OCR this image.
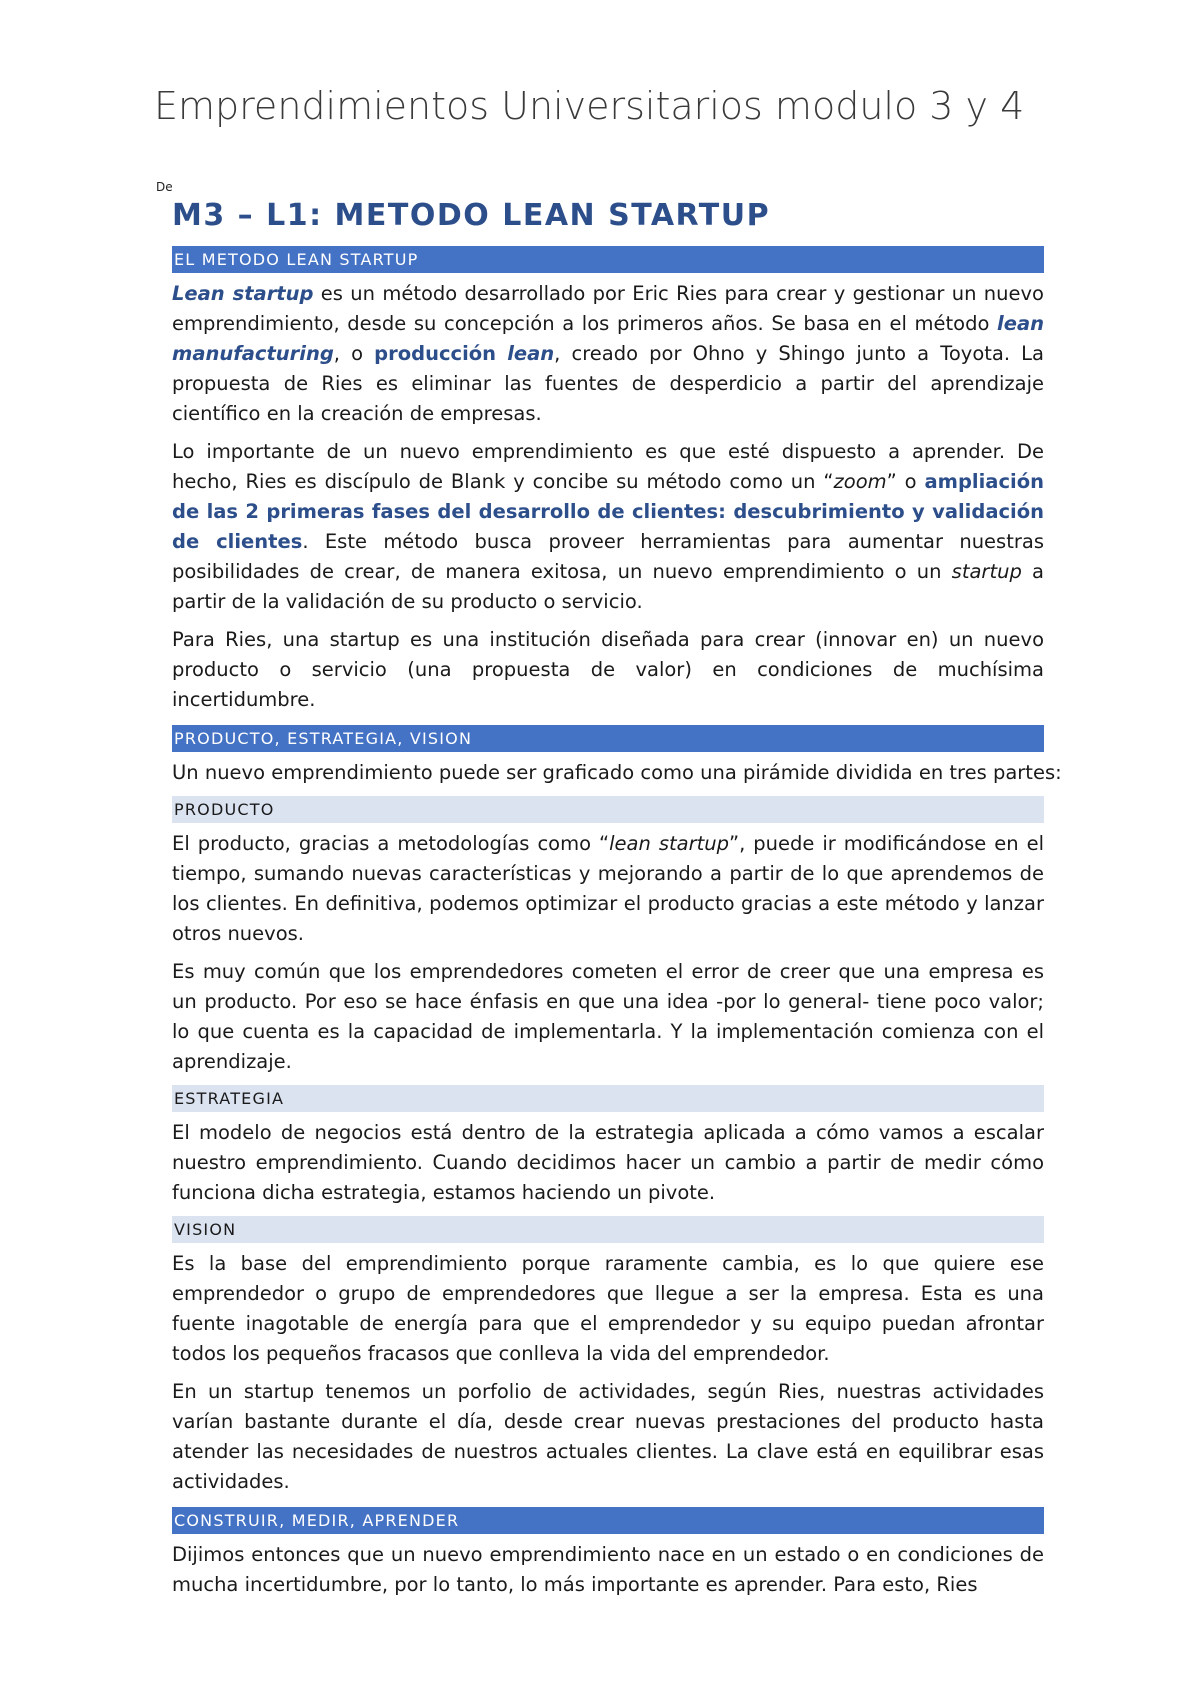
Emprendimientos Universitarios modulo 3 y 4

De

M3 – L1: METODO LEAN STARTUP
EL METODO LEAN STARTUP

Lean startup es un método desarrollado por Eric Ries para crear y gestionar un nuevo emprendimiento, desde su concepción a los primeros años. Se basa en el método lean manufacturing, o producción lean, creado por Ohno y Shingo junto a Toyota. La propuesta de Ries es eliminar las fuentes de desperdicio a partir del aprendizaje científico en la creación de empresas.

Lo importante de un nuevo emprendimiento es que esté dispuesto a aprender. De hecho, Ries es discípulo de Blank y concibe su método como un “zoom” o ampliación de las 2 primeras fases del desarrollo de clientes: descubrimiento y validación de clientes. Este método busca proveer herramientas para aumentar nuestras posibilidades de crear, de manera exitosa, un nuevo emprendimiento o un startup a partir de la validación de su producto o servicio.

Para Ries, una startup es una institución diseñada para crear (innovar en) un nuevo producto o servicio (una propuesta de valor) en condiciones de muchísima incertidumbre.

PRODUCTO, ESTRATEGIA, VISION

Un nuevo emprendimiento puede ser graficado como una pirámide dividida en tres partes:

PRODUCTO

El producto, gracias a metodologías como “lean startup”, puede ir modificándose en el tiempo, sumando nuevas características y mejorando a partir de lo que aprendemos de los clientes. En definitiva, podemos optimizar el producto gracias a este método y lanzar otros nuevos.

Es muy común que los emprendedores cometen el error de creer que una empresa es un producto. Por eso se hace énfasis en que una idea -por lo general- tiene poco valor; lo que cuenta es la capacidad de implementarla. Y la implementación comienza con el aprendizaje.

ESTRATEGIA

El modelo de negocios está dentro de la estrategia aplicada a cómo vamos a escalar nuestro emprendimiento. Cuando decidimos hacer un cambio a partir de medir cómo funciona dicha estrategia, estamos haciendo un pivote.

VISION

Es la base del emprendimiento porque raramente cambia, es lo que quiere ese emprendedor o grupo de emprendedores que llegue a ser la empresa. Esta es una fuente inagotable de energía para que el emprendedor y su equipo puedan afrontar todos los pequeños fracasos que conlleva la vida del emprendedor.

En un startup tenemos un porfolio de actividades, según Ries, nuestras actividades varían bastante durante el día, desde crear nuevas prestaciones del producto hasta atender las necesidades de nuestros actuales clientes. La clave está en equilibrar esas actividades.

CONSTRUIR, MEDIR, APRENDER

Dijimos entonces que un nuevo emprendimiento nace en un estado o en condiciones de mucha incertidumbre, por lo tanto, lo más importante es aprender. Para esto, Ries
